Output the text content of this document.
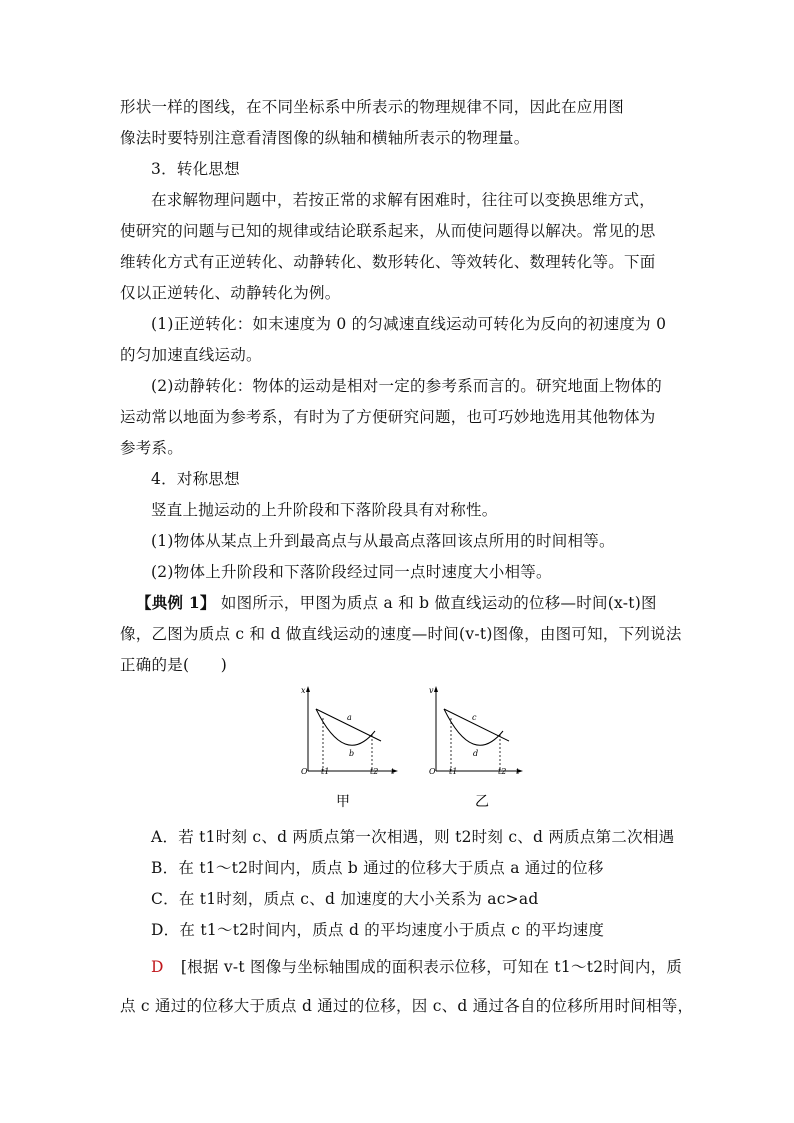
形状一样的图线，在不同坐标系中所表示的物理规律不同，因此在应用图
像法时要特别注意看清图像的纵轴和横轴所表示的物理量。
3．转化思想
在求解物理问题中，若按正常的求解有困难时，往往可以变换思维方式，
使研究的问题与已知的规律或结论联系起来，从而使问题得以解决。常见的思
维转化方式有正逆转化、动静转化、数形转化、等效转化、数理转化等。下面
仅以正逆转化、动静转化为例。
(1)正逆转化：如末速度为 0 的匀减速直线运动可转化为反向的初速度为 0
的匀加速直线运动。
(2)动静转化：物体的运动是相对一定的参考系而言的。研究地面上物体的
运动常以地面为参考系，有时为了方便研究问题，也可巧妙地选用其他物体为
参考系。
4．对称思想
竖直上抛运动的上升阶段和下落阶段具有对称性。
(1)物体从某点上升到最高点与从最高点落回该点所用的时间相等。
(2)物体上升阶段和下落阶段经过同一点时速度大小相等。
【典例 1】 如图所示，甲图为质点 a 和 b 做直线运动的位移—时间(x-t)图
像，乙图为质点 c 和 d 做直线运动的速度—时间(v-t)图像，由图可知，下列说法
正确的是(　　)
x
O t1	t2 t
a
b
甲
v
O t1	t2 t
c
d
乙
A．若 t1时刻 c、d 两质点第一次相遇，则 t2时刻 c、d 两质点第二次相遇
B．在 t1～t2时间内，质点 b 通过的位移大于质点 a 通过的位移
C．在 t1时刻，质点 c、d 加速度的大小关系为 ac>ad
D．在 t1～t2时间内，质点 d 的平均速度小于质点 c 的平均速度
D [根据 v-t 图像与坐标轴围成的面积表示位移，可知在 t1～t2时间内，质
点 c 通过的位移大于质点 d 通过的位移，因 c、d 通过各自的位移所用时间相等，
